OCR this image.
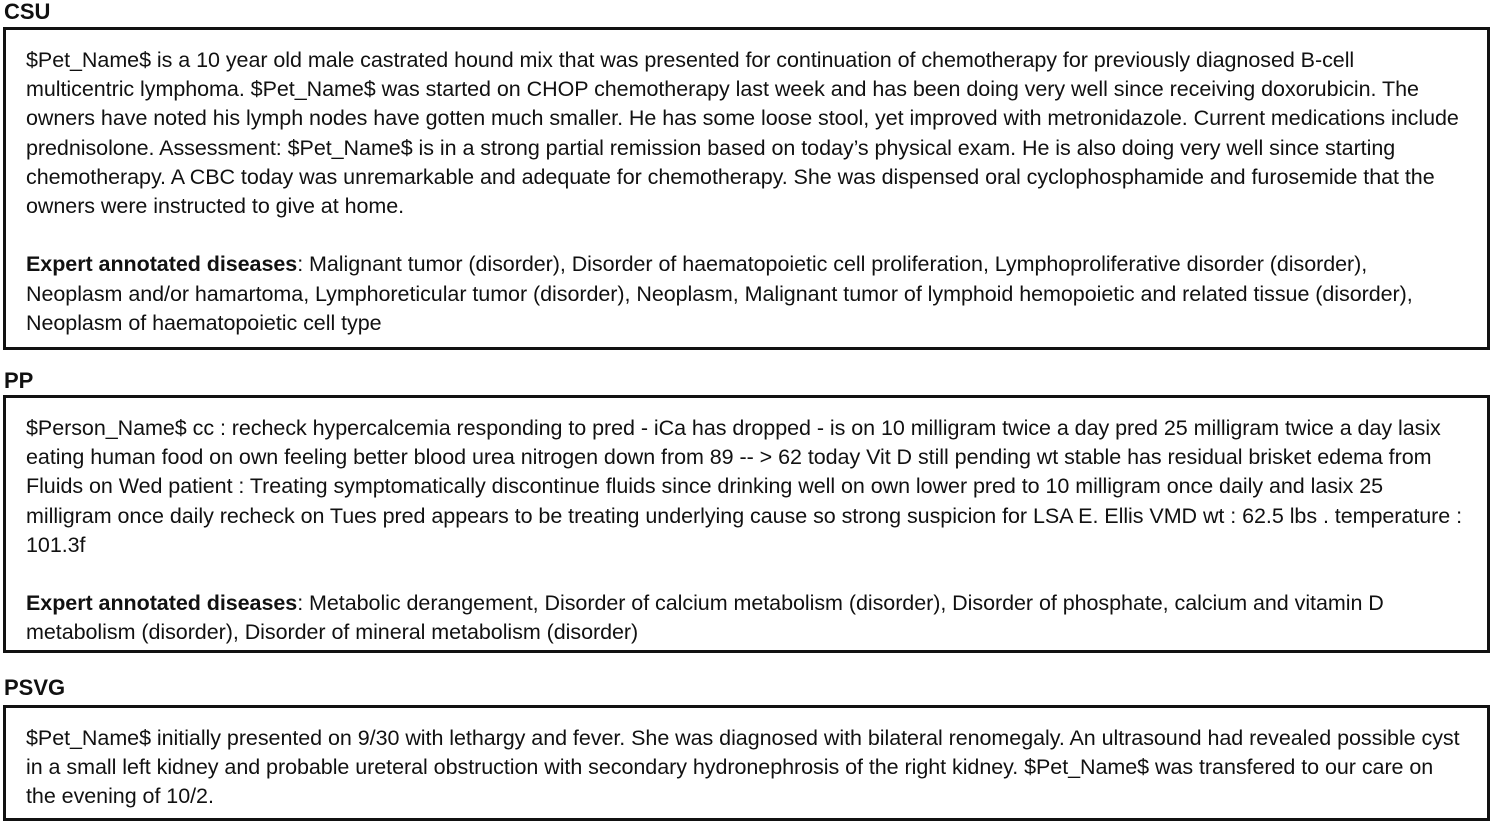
CSU

$Pet_Name$ is a 10 year old male castrated hound mix that was presented for continuation of chemotherapy for previously diagnosed B-cell multicentric lymphoma. $Pet_Name$ was started on CHOP chemotherapy last week and has been doing very well since receiving doxorubicin. The owners have noted his lymph nodes have gotten much smaller. He has some loose stool, yet improved with metronidazole. Current medications include prednisolone. Assessment: $Pet_Name$ is in a strong partial remission based on today’s physical exam. He is also doing very well since starting chemotherapy. A CBC today was unremarkable and adequate for chemotherapy. She was dispensed oral cyclophosphamide and furosemide that the owners were instructed to give at home.

Expert annotated diseases: Malignant tumor (disorder), Disorder of haematopoietic cell proliferation, Lymphoproliferative disorder (disorder), Neoplasm and/or hamartoma, Lymphoreticular tumor (disorder), Neoplasm, Malignant tumor of lymphoid hemopoietic and related tissue (disorder), Neoplasm of haematopoietic cell type

PP

$Person_Name$ cc : recheck hypercalcemia responding to pred - iCa has dropped - is on 10 milligram twice a day pred 25 milligram twice a day lasix eating human food on own feeling better blood urea nitrogen down from 89 -- > 62 today Vit D still pending wt stable has residual brisket edema from Fluids on Wed patient : Treating symptomatically discontinue fluids since drinking well on own lower pred to 10 milligram once daily and lasix 25 milligram once daily recheck on Tues pred appears to be treating underlying cause so strong suspicion for LSA E. Ellis VMD wt : 62.5 lbs . temperature : 101.3f

Expert annotated diseases: Metabolic derangement, Disorder of calcium metabolism (disorder), Disorder of phosphate, calcium and vitamin D metabolism (disorder), Disorder of mineral metabolism (disorder)

PSVG

$Pet_Name$ initially presented on 9/30 with lethargy and fever. She was diagnosed with bilateral renomegaly. An ultrasound had revealed possible cyst in a small left kidney and probable ureteral obstruction with secondary hydronephrosis of the right kidney. $Pet_Name$ was transfered to our care on the evening of 10/2.
